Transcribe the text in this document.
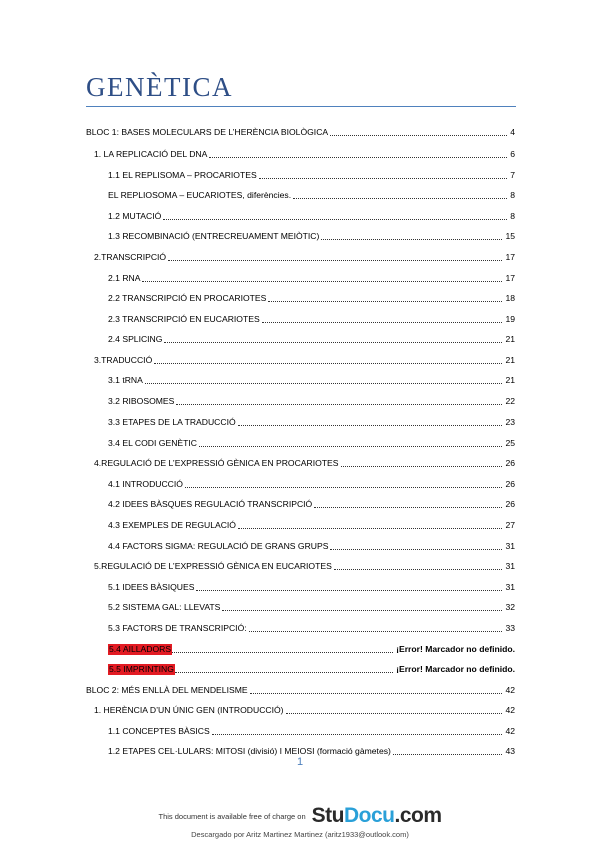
GENÈTICA
BLOC 1: BASES MOLECULARS DE L’HERÈNCIA BIOLÒGICA	4
1. LA REPLICACIÓ DEL DNA	6
1.1 EL REPLISOMA – PROCARIOTES	7
EL REPLIOSOMA – EUCARIOTES, diferències.	8
1.2 MUTACIÓ	8
1.3 RECOMBINACIÓ (ENTRECREUAMENT MEIÒTIC)	15
2.TRANSCRIPCIÓ	17
2.1 RNA	17
2.2 TRANSCRIPCIÓ EN PROCARIOTES	18
2.3 TRANSCRIPCIÓ EN EUCARIOTES	19
2.4 SPLICING	21
3.TRADUCCIÓ	21
3.1 tRNA	21
3.2 RIBOSOMES	22
3.3 ETAPES DE LA TRADUCCIÓ	23
3.4 EL CODI GENÈTIC	25
4.REGULACIÓ DE L’EXPRESSIÓ GÈNICA EN PROCARIOTES	26
4.1 INTRODUCCIÓ	26
4.2 IDEES BÀSQUES REGULACIÓ TRANSCRIPCIÓ	26
4.3 EXEMPLES DE REGULACIÓ	27
4.4 FACTORS SIGMA: REGULACIÓ DE GRANS GRUPS	31
5.REGULACIÓ DE L’EXPRESSIÓ GÈNICA EN EUCARIOTES	31
5.1 IDEES BÀSIQUES	31
5.2 SISTEMA GAL: LLEVATS	32
5.3 FACTORS DE TRANSCRIPCIÓ:	33
5.4 AILLADORS	¡Error! Marcador no definido.
5.5 IMPRINTING	¡Error! Marcador no definido.
BLOC 2: MÉS ENLLÀ DEL MENDELISME	42
1. HERÈNCIA D’UN ÚNIC GEN (INTRODUCCIÓ)	42
1.1 CONCEPTES BÀSICS	42
1.2 ETAPES CEL·LULARS: MITOSI (divisió) I MEIOSI (formació gàmetes)	43
1
This document is available free of charge on StuDocu.com
Descargado por Aritz Martinez Martinez (aritz1933@outlook.com)
